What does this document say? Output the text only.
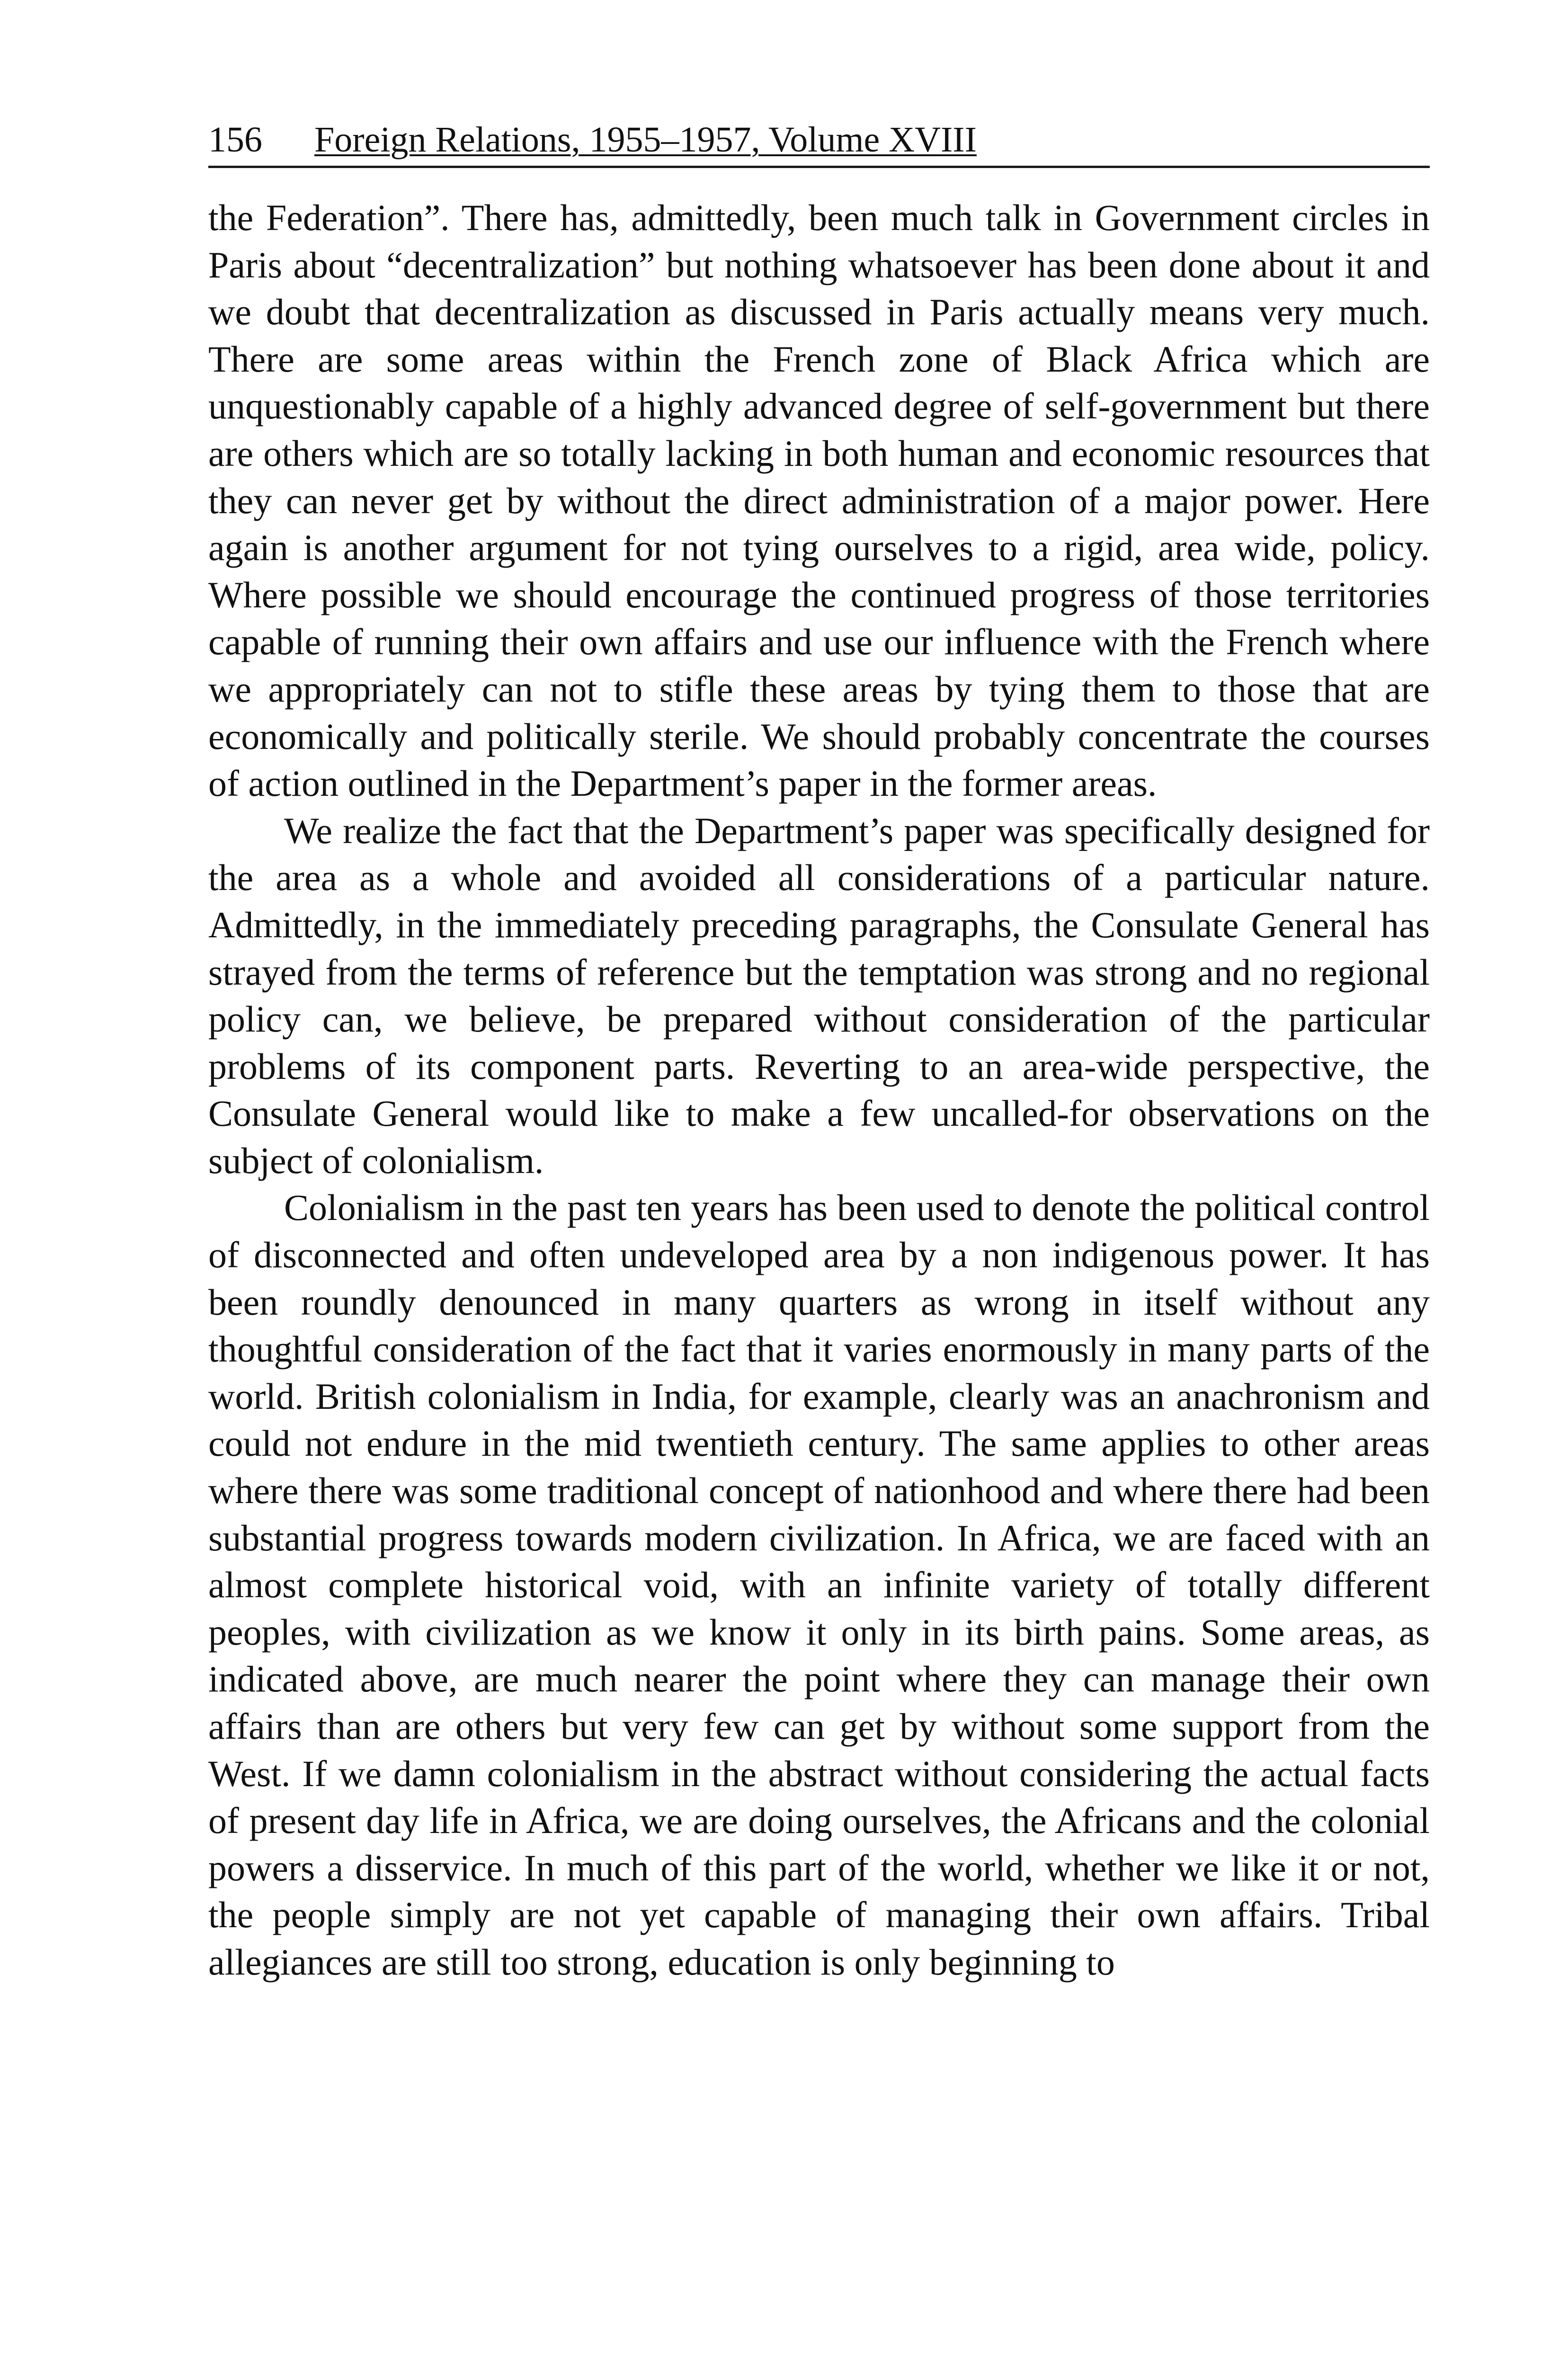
156 Foreign Relations, 1955–1957, Volume XVIII

the Federation”. There has, admittedly, been much talk in Government circles in Paris about “decentralization” but nothing whatsoever has been done about it and we doubt that decentralization as discussed in Paris actually means very much. There are some areas within the French zone of Black Africa which are unquestionably capable of a highly advanced degree of self-government but there are others which are so totally lacking in both human and economic resources that they can never get by without the direct administration of a major power. Here again is another argument for not tying ourselves to a rigid, area wide, policy. Where possible we should encourage the continued progress of those territories capable of running their own affairs and use our influence with the French where we appropriately can not to stifle these areas by tying them to those that are economically and politically sterile. We should probably concentrate the courses of action outlined in the Department’s paper in the former areas.

We realize the fact that the Department’s paper was specifically designed for the area as a whole and avoided all considerations of a particular nature. Admittedly, in the immediately preceding paragraphs, the Consulate General has strayed from the terms of reference but the temptation was strong and no regional policy can, we believe, be prepared without consideration of the particular problems of its component parts. Reverting to an area-wide perspective, the Consulate General would like to make a few uncalled-for observations on the subject of colonialism.

Colonialism in the past ten years has been used to denote the political control of disconnected and often undeveloped area by a non indigenous power. It has been roundly denounced in many quarters as wrong in itself without any thoughtful consideration of the fact that it varies enormously in many parts of the world. British colonialism in India, for example, clearly was an anachronism and could not endure in the mid twentieth century. The same applies to other areas where there was some traditional concept of nationhood and where there had been substantial progress towards modern civilization. In Africa, we are faced with an almost complete historical void, with an infinite variety of totally different peoples, with civilization as we know it only in its birth pains. Some areas, as indicated above, are much nearer the point where they can manage their own affairs than are others but very few can get by without some support from the West. If we damn colonialism in the abstract without considering the actual facts of present day life in Africa, we are doing ourselves, the Africans and the colonial powers a disservice. In much of this part of the world, whether we like it or not, the people simply are not yet capable of managing their own affairs. Tribal allegiances are still too strong, education is only beginning to
